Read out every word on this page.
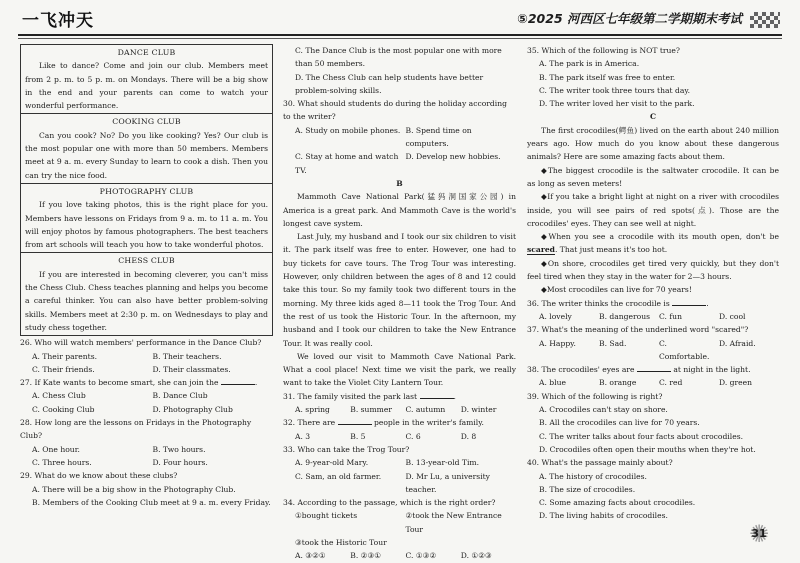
一飞冲天	⑤2025 河西区七年级第二学期期末考试

DANCE CLUB

Like to dance? Come and join our club. Members meet from 2 p. m. to 5 p. m. on Mondays. There will be a big show in the end and your parents can come to watch your wonderful performance.

COOKING CLUB

Can you cook? No? Do you like cooking? Yes? Our club is the most popular one with more than 50 members. Members meet at 9 a. m. every Sunday to learn to cook a dish. Then you can try the nice food.

PHOTOGRAPHY CLUB

If you love taking photos, this is the right place for you. Members have lessons on Fridays from 9 a. m. to 11 a. m. You will enjoy photos by famous photographers. The best teachers from art schools will teach you how to take wonderful photos.

CHESS CLUB

If you are interested in becoming cleverer, you can't miss the Chess Club. Chess teaches planning and helps you become a careful thinker. You can also have better problem-solving skills. Members meet at 2:30 p. m. on Wednesdays to play and study chess together.

26. Who will watch members' performance in the Dance Club?

A. Their parents.	B. Their teachers.
C. Their friends.	D. Their classmates.

27. If Kate wants to become smart, she can join the	.

A. Chess Club	B. Dance Club
C. Cooking Club	D. Photography Club

28. How long are the lessons on Fridays in the Photography Club?

A. One hour.	B. Two hours.
C. Three hours.	D. Four hours.

29. What do we know about these clubs?

A. There will be a big show in the Photography Club.

B. Members of the Cooking Club meet at 9 a. m. every Friday.

C. The Dance Club is the most popular one with more than 50 members.

D. The Chess Club can help students have better problem-solving skills.

30. What should students do during the holiday according to the writer?

A. Study on mobile phones. B. Spend time on computers.
C. Stay at home and watch TV.
D. Develop new hobbies.

B

Mammoth Cave National Park(猛犸洞国家公园) in America is a great park. And Mammoth Cave is the world's longest cave system.

Last July, my husband and I took our six children to visit it. The park itself was free to enter. However, one had to buy tickets for cave tours. The Trog Tour was interesting. However, only children between the ages of 8 and 12 could take this tour. So my family took two different tours in the morning. My three kids aged 8—11 took the Trog Tour. And the rest of us took the Historic Tour. In the afternoon, my husband and I took our children to take the New Entrance Tour. It was really cool.

We loved our visit to Mammoth Cave National Park. What a cool place! Next time we visit the park, we really want to take the Violet City Lantern Tour.

31. The family visited the park last	.

A. spring	B. summer	C. autumn	D. winter

32. There are	people in the writer's family.

A. 3	B. 5	C. 6	D. 8

33. Who can take the Trog Tour?

A. 9-year-old Mary.	B. 13-year-old Tim.
C. Sam, an old farmer.	D. Mr Lu, a university teacher.

34. According to the passage, which is the right order?

①bought tickets	②took the New Entrance Tour

③took the Historic Tour

A. ③②①	B. ②③①	C. ①③②	D. ①②③

35. Which of the following is NOT true?

A. The park is in America.

B. The park itself was free to enter.

C. The writer took three tours that day.

D. The writer loved her visit to the park.

C

The first crocodiles(鳄鱼) lived on the earth about 240 million years ago. How much do you know about these dangerous animals? Here are some amazing facts about them.

◆The biggest crocodile is the saltwater crocodile. It can be as long as seven meters!

◆If you take a bright light at night on a river with crocodiles inside, you will see pairs of red spots(点). Those are the crocodiles' eyes. They can see well at night.

◆When you see a crocodile with its mouth open, don't be scared. That just means it's too hot.

◆On shore, crocodiles get tired very quickly, but they don't feel tired when they stay in the water for 2—3 hours.

◆Most crocodiles can live for 70 years!

36. The writer thinks the crocodile is	.

A. lovely	B. dangerous	C. fun	D. cool

37. What's the meaning of the underlined word "scared"?

A. Happy.	B. Sad.	C. Comfortable.
D. Afraid.

38. The crocodiles' eyes are	at night in the light.

A. blue	B. orange	C. red	D. green

39. Which of the following is right?

A. Crocodiles can't stay on shore.

B. All the crocodiles can live for 70 years.

C. The writer talks about four facts about crocodiles.

D. Crocodiles often open their mouths when they're hot.

40. What's the passage mainly about?

A. The history of crocodiles.

B. The size of crocodiles.

C. Some amazing facts about crocodiles.

D. The living habits of crocodiles.

✺ 31
